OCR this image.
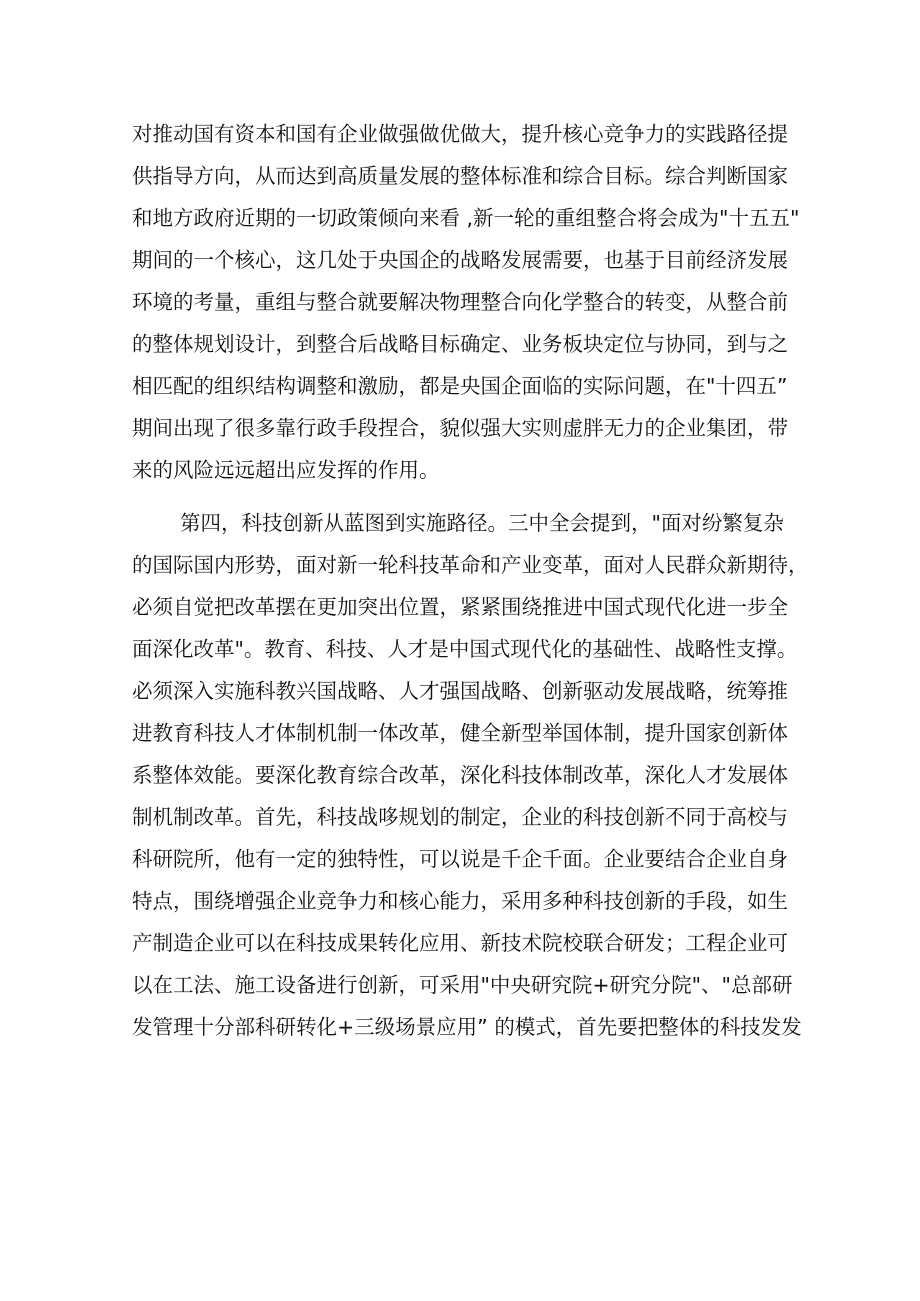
对推动国有资本和国有企业做强做优做大，提升核心竞争力的实践路径提
供指导方向，从而达到高质量发展的整体标准和综合目标。综合判断国家
和地方政府近期的一切政策倾向来看 ,新一轮的重组整合将会成为"十五五"
期间的一个核心，这几处于央国企的战略发展需要，也基于目前经济发展
环境的考量，重组与整合就要解决物理整合向化学整合的转变，从整合前
的整体规划设计，到整合后战略目标确定、业务板块定位与协同，到与之
相匹配的组织结构调整和激励，都是央国企面临的实际问题，在"十四五”
期间出现了很多靠行政手段捏合，貌似强大实则虚胖无力的企业集团，带
来的风险远远超出应发挥的作用。
第四，科技创新从蓝图到实施路径。三中全会提到，"面对纷繁复杂
的国际国内形势，面对新一轮科技革命和产业变革，面对人民群众新期待，
必须自觉把改革摆在更加突出位置，紧紧围绕推进中国式现代化进一步全
面深化改革"。教育、科技、人才是中国式现代化的基础性、战略性支撑。
必须深入实施科教兴国战略、人才强国战略、创新驱动发展战略，统筹推
进教育科技人才体制机制一体改革，健全新型举国体制，提升国家创新体
系整体效能。要深化教育综合改革，深化科技体制改革，深化人才发展体
制机制改革。首先，科技战哆规划的制定，企业的科技创新不同于高校与
科研院所，他有一定的独特性，可以说是千企千面。企业要结合企业自身
特点，围绕增强企业竞争力和核心能力，采用多种科技创新的手段，如生
产制造企业可以在科技成果转化应用、新技术院校联合研发；工程企业可
以在工法、施工设备进行创新，可采用"中央研究院+研究分院"、"总部研
发管理十分部科研转化+三级场景应用” 的模式，首先要把整体的科技发发
